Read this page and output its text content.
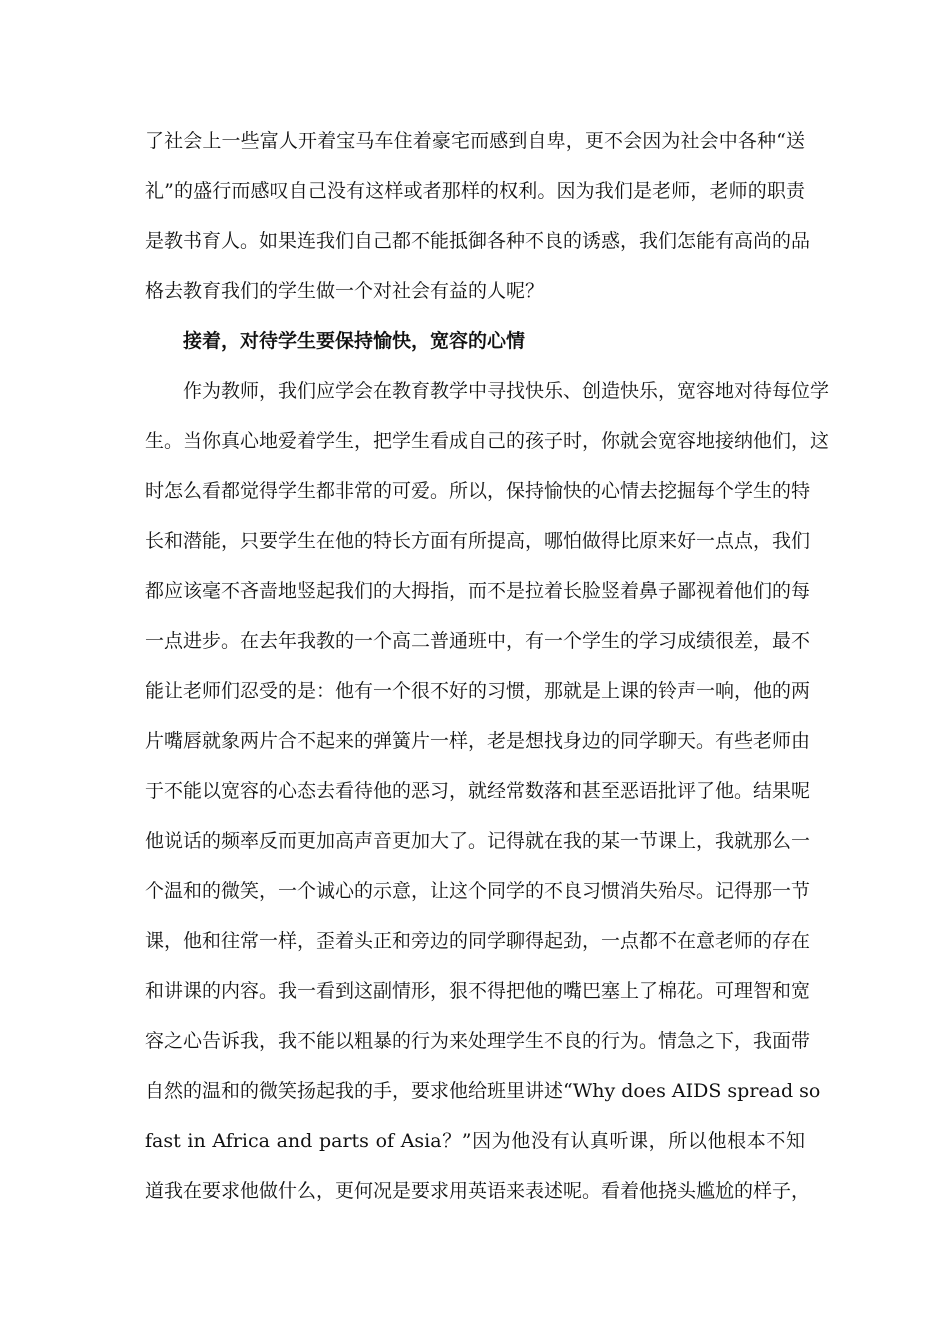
了社会上一些富人开着宝马车住着豪宅而感到自卑，更不会因为社会中各种“送
礼”的盛行而感叹自己没有这样或者那样的权利。因为我们是老师，老师的职责
是教书育人。如果连我们自己都不能抵御各种不良的诱惑，我们怎能有高尚的品
格去教育我们的学生做一个对社会有益的人呢？
接着，对待学生要保持愉快，宽容的心情
作为教师，我们应学会在教育教学中寻找快乐、创造快乐，宽容地对待每位学
生。当你真心地爱着学生，把学生看成自己的孩子时，你就会宽容地接纳他们，这
时怎么看都觉得学生都非常的可爱。所以，保持愉快的心情去挖掘每个学生的特
长和潜能，只要学生在他的特长方面有所提高，哪怕做得比原来好一点点，我们
都应该毫不吝啬地竖起我们的大拇指，而不是拉着长脸竖着鼻子鄙视着他们的每
一点进步。在去年我教的一个高二普通班中，有一个学生的学习成绩很差，最不
能让老师们忍受的是：他有一个很不好的习惯，那就是上课的铃声一响，他的两
片嘴唇就象两片合不起来的弹簧片一样，老是想找身边的同学聊天。有些老师由
于不能以宽容的心态去看待他的恶习，就经常数落和甚至恶语批评了他。结果呢
他说话的频率反而更加高声音更加大了。记得就在我的某一节课上，我就那么一
个温和的微笑，一个诚心的示意，让这个同学的不良习惯消失殆尽。记得那一节
课，他和往常一样，歪着头正和旁边的同学聊得起劲，一点都不在意老师的存在
和讲课的内容。我一看到这副情形，狠不得把他的嘴巴塞上了棉花。可理智和宽
容之心告诉我，我不能以粗暴的行为来处理学生不良的行为。情急之下，我面带
自然的温和的微笑扬起我的手，要求他给班里讲述“Why does AIDS spread so
fast in Africa and parts of Asia？”因为他没有认真听课，所以他根本不知
道我在要求他做什么，更何况是要求用英语来表述呢。看着他挠头尴尬的样子，
